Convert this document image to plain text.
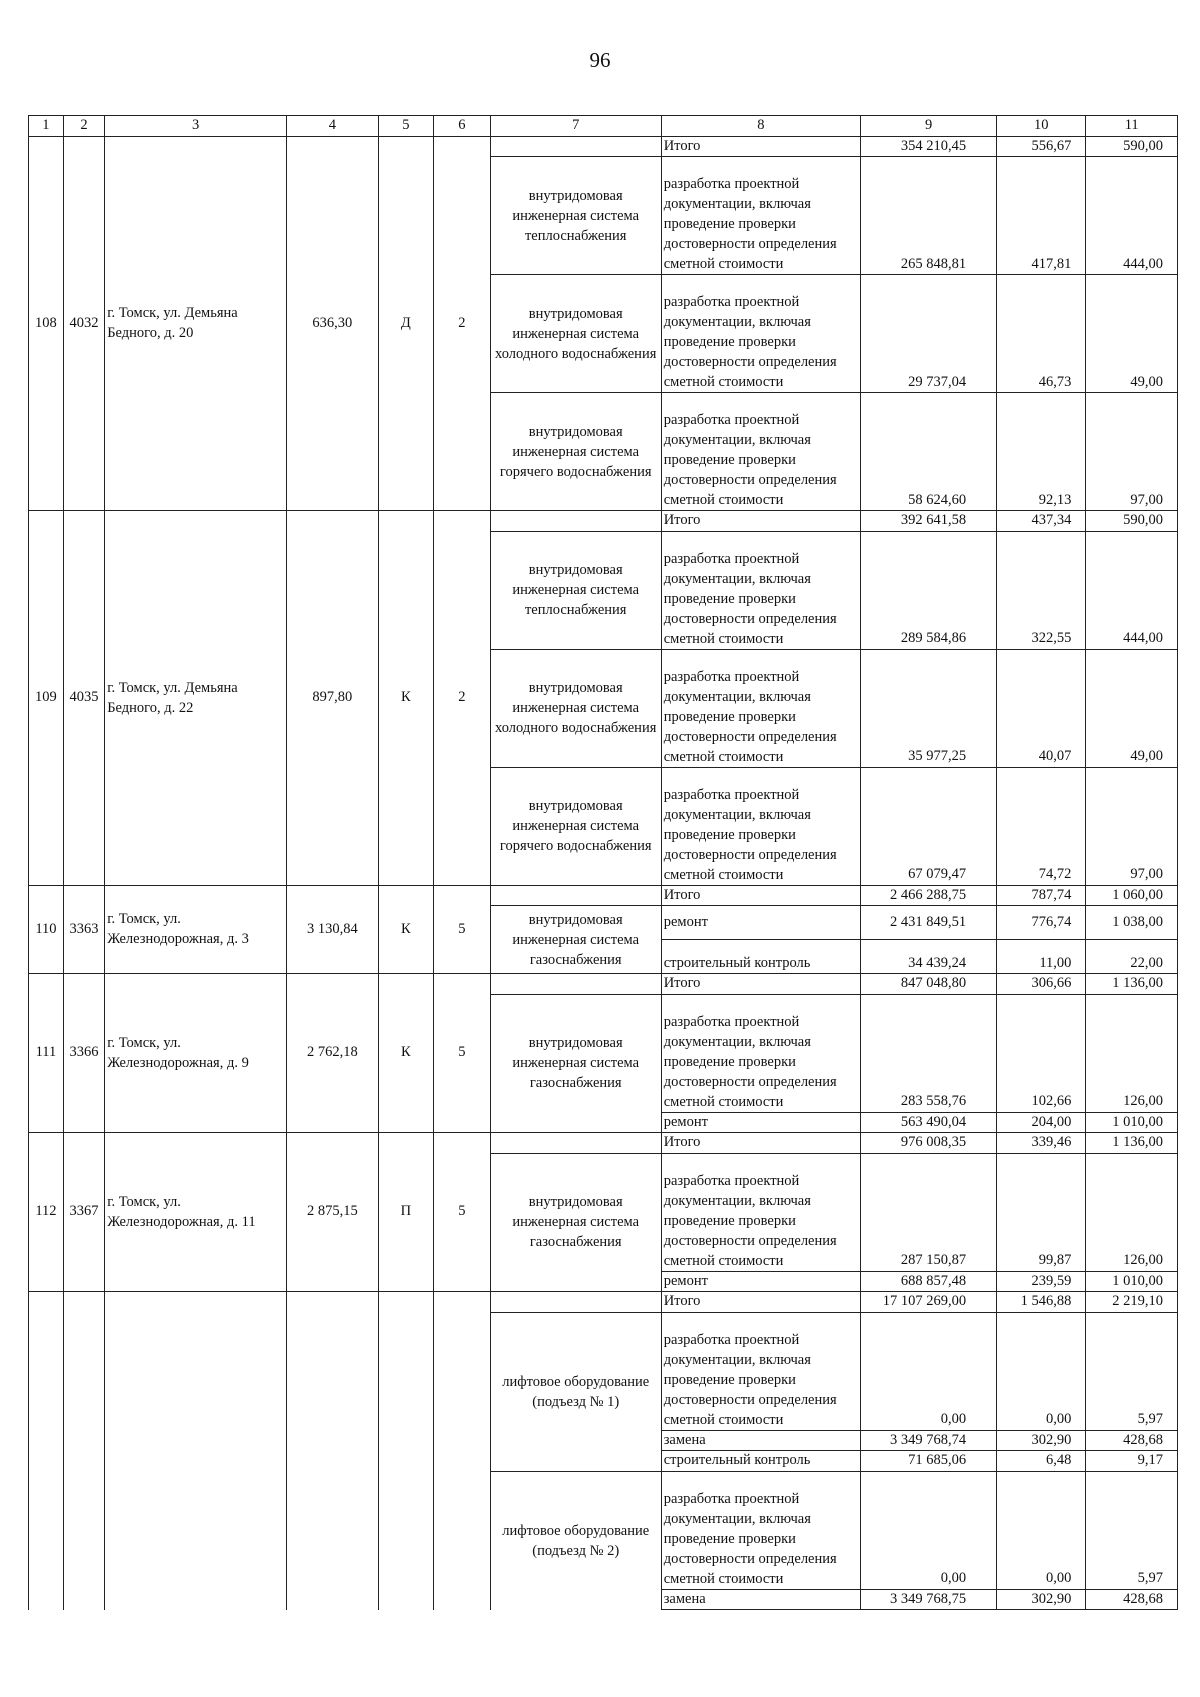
96
1	2	3	4	5	6	7	8	9	10	11
108	4032	г. Томск, ул. Демьяна Бедного, д. 20	636,30	Д	2		Итого	354 210,45	556,67	590,00
						внутридомовая инженерная система теплоснабжения	разработка проектной документации, включая проведение проверки достоверности определения сметной стоимости	265 848,81	417,81	444,00
						внутридомовая инженерная система холодного водоснабжения	разработка проектной документации, включая проведение проверки достоверности определения сметной стоимости	29 737,04	46,73	49,00
						внутридомовая инженерная система горячего водоснабжения	разработка проектной документации, включая проведение проверки достоверности определения сметной стоимости	58 624,60	92,13	97,00
109	4035	г. Томск, ул. Демьяна Бедного, д. 22	897,80	К	2		Итого	392 641,58	437,34	590,00
						внутридомовая инженерная система теплоснабжения	разработка проектной документации, включая проведение проверки достоверности определения сметной стоимости	289 584,86	322,55	444,00
						внутридомовая инженерная система холодного водоснабжения	разработка проектной документации, включая проведение проверки достоверности определения сметной стоимости	35 977,25	40,07	49,00
						внутридомовая инженерная система горячего водоснабжения	разработка проектной документации, включая проведение проверки достоверности определения сметной стоимости	67 079,47	74,72	97,00
110	3363	г. Томск, ул. Железнодорожная, д. 3	3 130,84	К	5		Итого	2 466 288,75	787,74	1 060,00
						внутридомовая инженерная система газоснабжения	ремонт	2 431 849,51	776,74	1 038,00
							строительный контроль	34 439,24	11,00	22,00
111	3366	г. Томск, ул. Железнодорожная, д. 9	2 762,18	К	5		Итого	847 048,80	306,66	1 136,00
						внутридомовая инженерная система газоснабжения	разработка проектной документации, включая проведение проверки достоверности определения сметной стоимости	283 558,76	102,66	126,00
							ремонт	563 490,04	204,00	1 010,00
112	3367	г. Томск, ул. Железнодорожная, д. 11	2 875,15	П	5		Итого	976 008,35	339,46	1 136,00
						внутридомовая инженерная система газоснабжения	разработка проектной документации, включая проведение проверки достоверности определения сметной стоимости	287 150,87	99,87	126,00
							ремонт	688 857,48	239,59	1 010,00
							Итого	17 107 269,00	1 546,88	2 219,10
						лифтовое оборудование (подъезд № 1)	разработка проектной документации, включая проведение проверки достоверности определения сметной стоимости	0,00	0,00	5,97
							замена	3 349 768,74	302,90	428,68
							строительный контроль	71 685,06	6,48	9,17
						лифтовое оборудование (подъезд № 2)	разработка проектной документации, включая проведение проверки достоверности определения сметной стоимости	0,00	0,00	5,97
							замена	3 349 768,75	302,90	428,68
